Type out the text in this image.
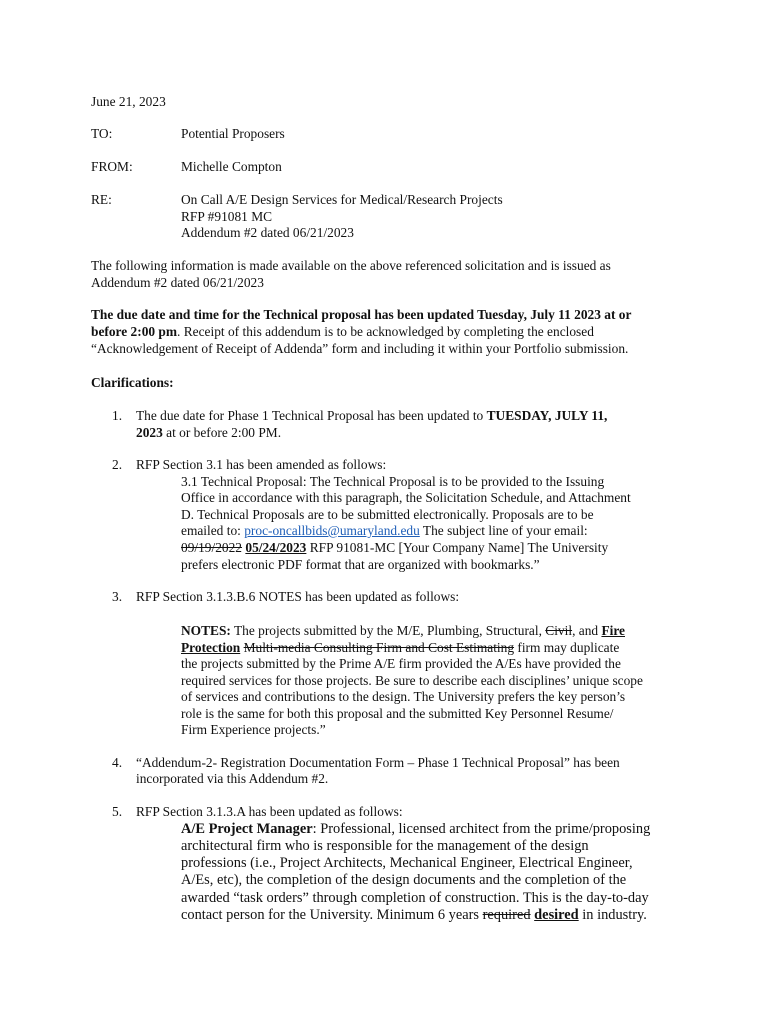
June 21, 2023
TO:	Potential Proposers
FROM:	Michelle Compton
RE:	On Call A/E Design Services for Medical/Research Projects
RFP #91081 MC
Addendum #2 dated 06/21/2023
The following information is made available on the above referenced solicitation and is issued as
Addendum #2 dated 06/21/2023
The due date and time for the Technical proposal has been updated Tuesday, July 11 2023 at or
before 2:00 pm. Receipt of this addendum is to be acknowledged by completing the enclosed
“Acknowledgement of Receipt of Addenda” form and including it within your Portfolio submission.
Clarifications:
1. The due date for Phase 1 Technical Proposal has been updated to TUESDAY, JULY 11,
2023 at or before 2:00 PM.
2. RFP Section 3.1 has been amended as follows:
3.1 Technical Proposal: The Technical Proposal is to be provided to the Issuing
Office in accordance with this paragraph, the Solicitation Schedule, and Attachment
D. Technical Proposals are to be submitted electronically. Proposals are to be
emailed to: proc-oncallbids@umaryland.edu The subject line of your email:
09/19/2022 05/24/2023 RFP 91081-MC [Your Company Name] The University
prefers electronic PDF format that are organized with bookmarks.”
3. RFP Section 3.1.3.B.6 NOTES has been updated as follows:
NOTES: The projects submitted by the M/E, Plumbing, Structural, Civil, and Fire
Protection Multi-media Consulting Firm and Cost Estimating firm may duplicate
the projects submitted by the Prime A/E firm provided the A/Es have provided the
required services for those projects. Be sure to describe each disciplines’ unique scope
of services and contributions to the design. The University prefers the key person’s
role is the same for both this proposal and the submitted Key Personnel Resume/
Firm Experience projects.”
4. “Addendum-2- Registration Documentation Form – Phase 1 Technical Proposal” has been
incorporated via this Addendum #2.
5. RFP Section 3.1.3.A has been updated as follows:
A/E Project Manager: Professional, licensed architect from the prime/proposing
architectural firm who is responsible for the management of the design
professions (i.e., Project Architects, Mechanical Engineer, Electrical Engineer,
A/Es, etc), the completion of the design documents and the completion of the
awarded “task orders” through completion of construction. This is the day-to-day
contact person for the University. Minimum 6 years required desired in industry.
